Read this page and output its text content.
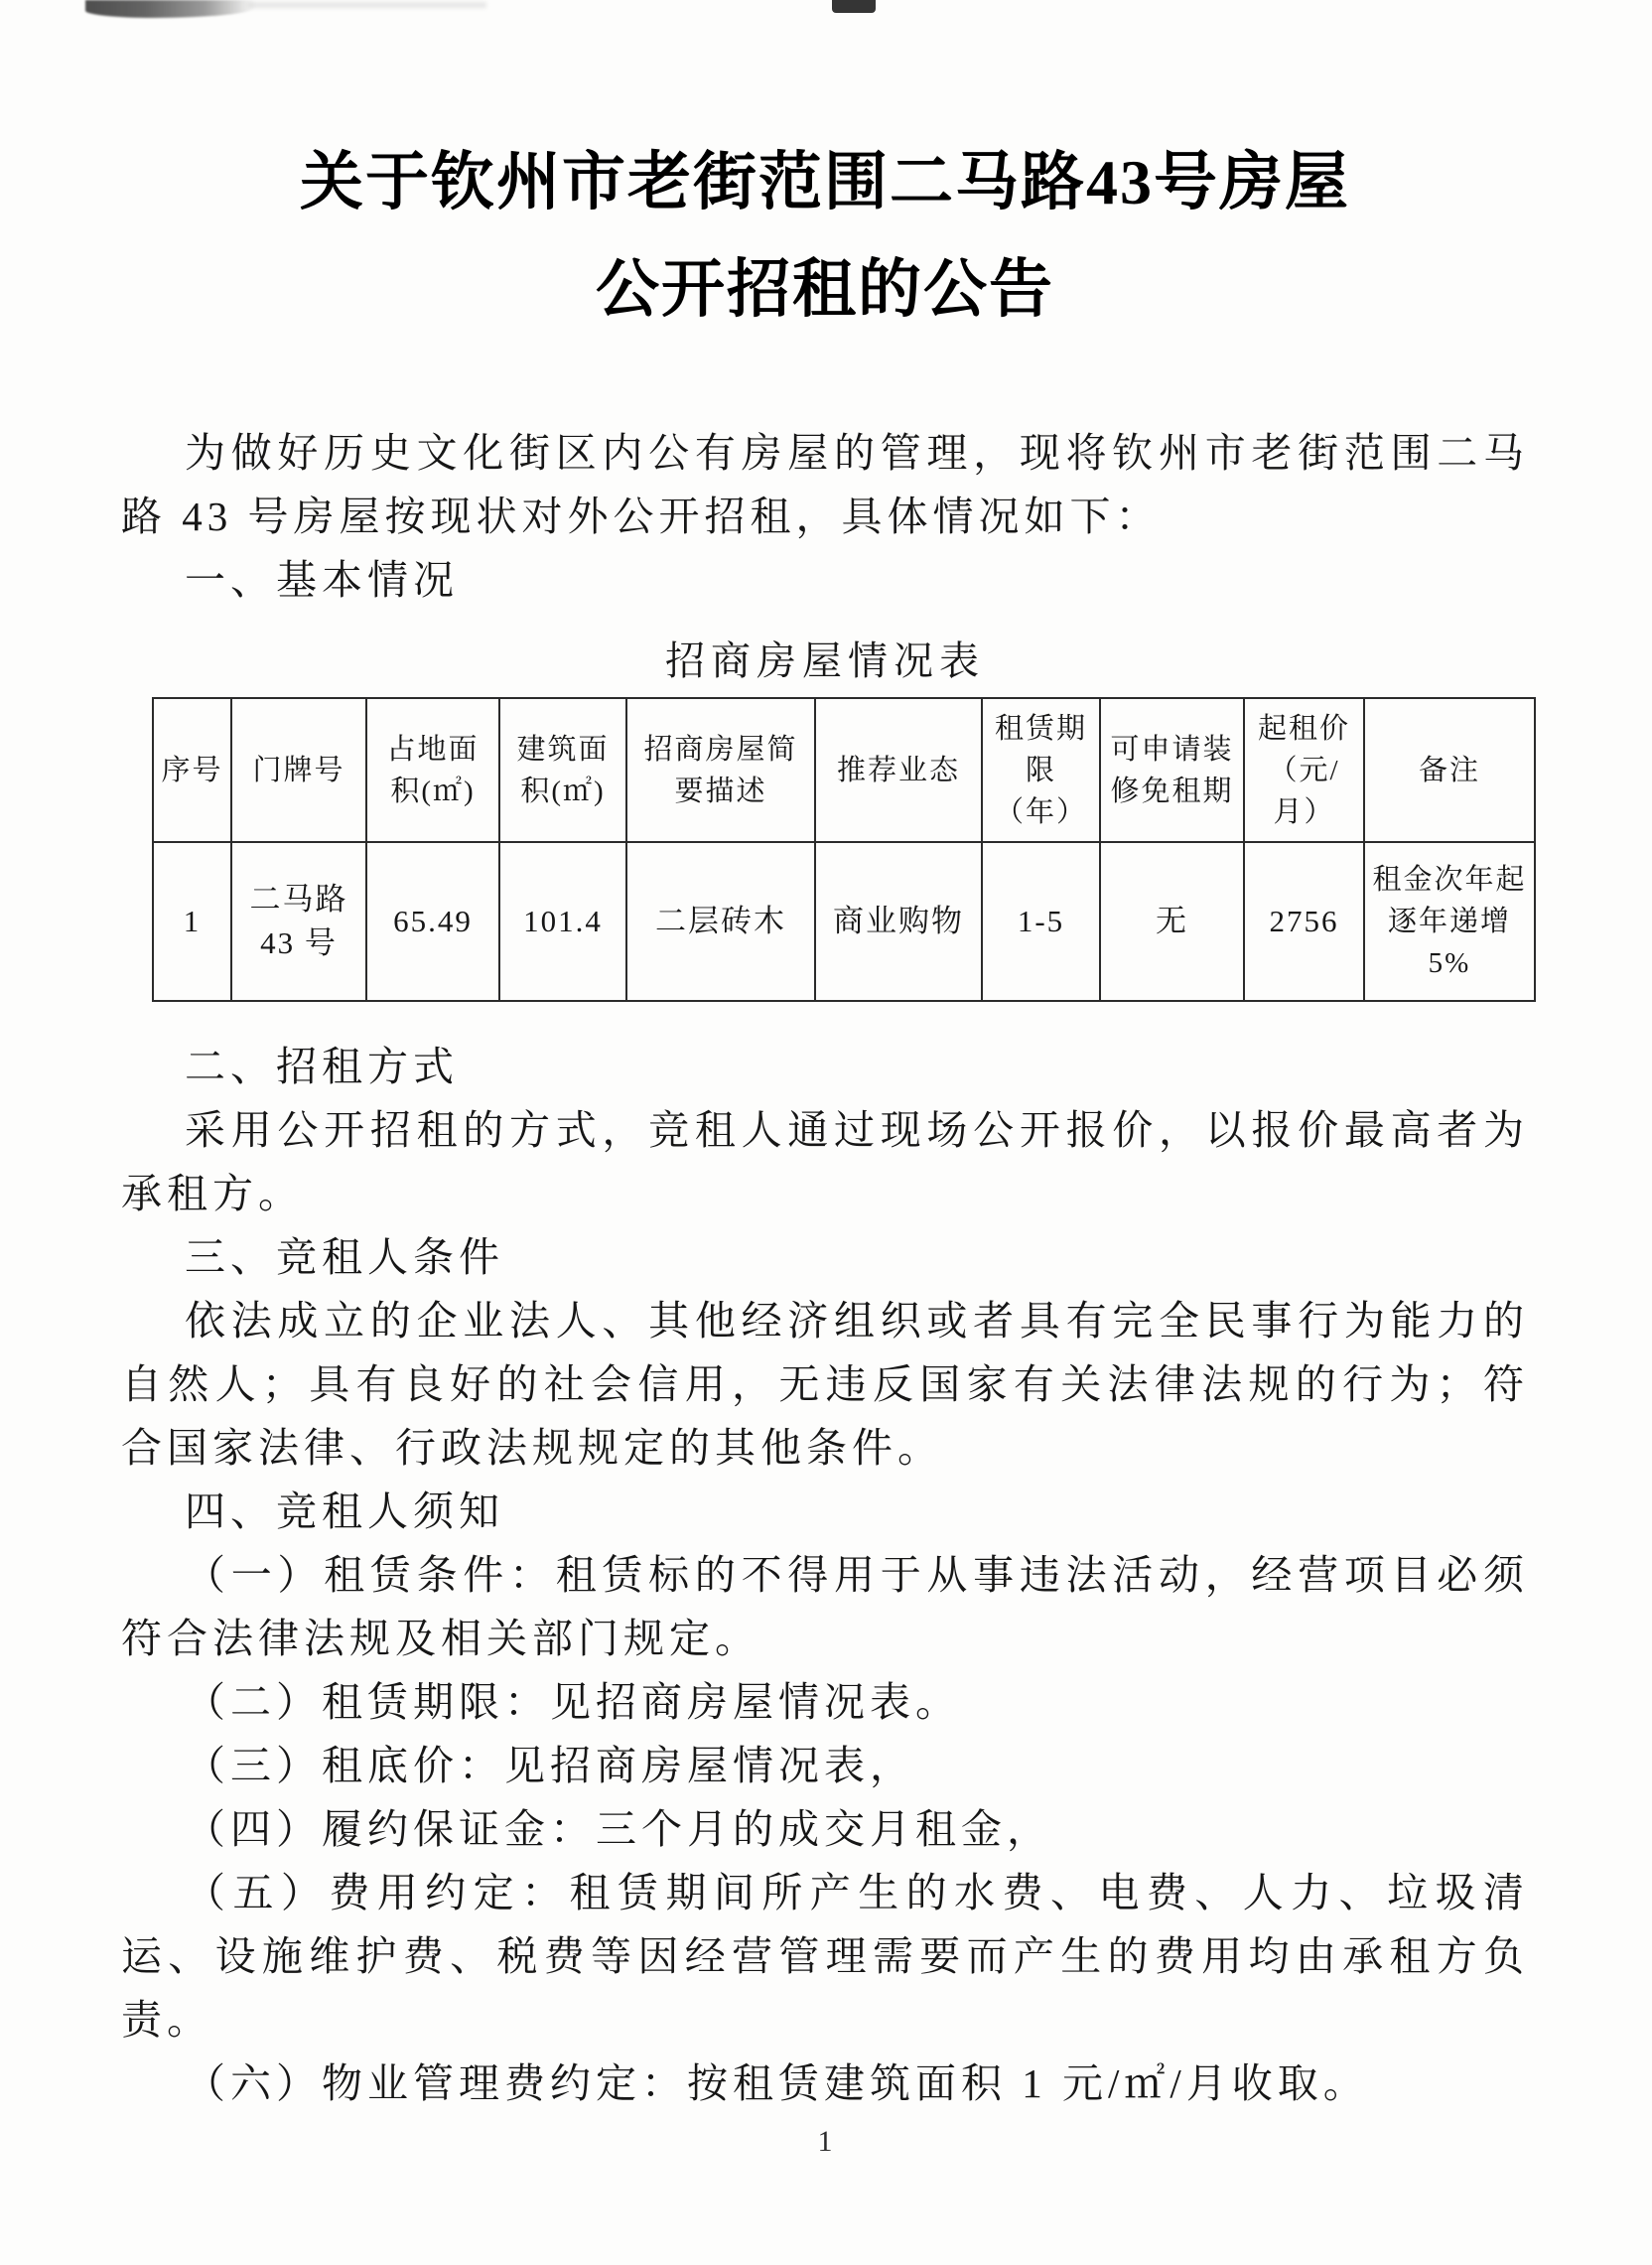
关于钦州市老街范围二马路43号房屋
公开招租的公告

为做好历史文化街区内公有房屋的管理，现将钦州市老街范围二马路 43 号房屋按现状对外公开招租，具体情况如下：

一、基本情况

招商房屋情况表

序号	门牌号	占地面积(㎡)	建筑面积(㎡)	招商房屋简要描述	推荐业态	租赁期限（年）	可申请装修免租期	起租价（元/月）	备注
1	二马路 43 号	65.49	101.4	二层砖木	商业购物	1-5	无	2756	租金次年起逐年递增 5%

二、招租方式

采用公开招租的方式，竞租人通过现场公开报价，以报价最高者为承租方。

三、竞租人条件

依法成立的企业法人、其他经济组织或者具有完全民事行为能力的自然人；具有良好的社会信用，无违反国家有关法律法规的行为；符合国家法律、行政法规规定的其他条件。

四、竞租人须知

（一）租赁条件：租赁标的不得用于从事违法活动，经营项目必须符合法律法规及相关部门规定。

（二）租赁期限：见招商房屋情况表。

（三）租底价：见招商房屋情况表，

（四）履约保证金：三个月的成交月租金，

（五）费用约定：租赁期间所产生的水费、电费、人力、垃圾清运、设施维护费、税费等因经营管理需要而产生的费用均由承租方负责。

（六）物业管理费约定：按租赁建筑面积 1 元/㎡/月收取。

1
